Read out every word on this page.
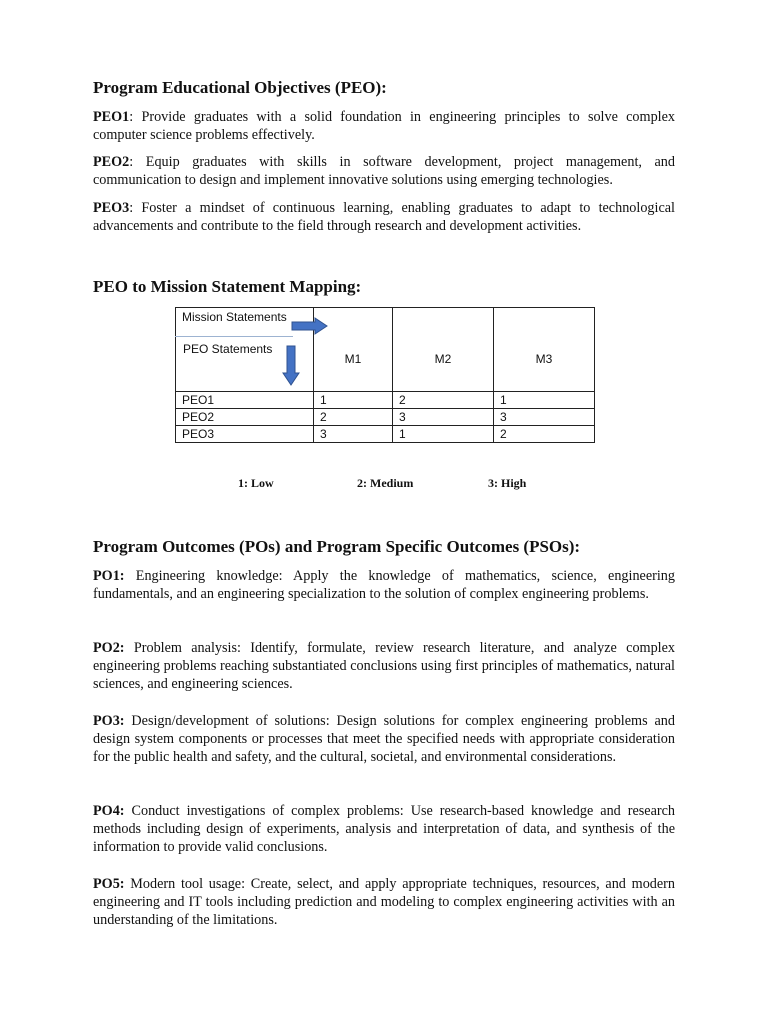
Program Educational Objectives (PEO):

PEO1: Provide graduates with a solid foundation in engineering principles to solve complex computer science problems effectively.

PEO2: Equip graduates with skills in software development, project management, and communication to design and implement innovative solutions using emerging technologies.

PEO3: Foster a mindset of continuous learning, enabling graduates to adapt to technological advancements and contribute to the field through research and development activities.

PEO to Mission Statement Mapping:
Mission Statements
PEO Statements	M1	M2	M3
PEO1	1	2	1
PEO2	2	3	3
PEO3	3	1	2
1: Low	2: Medium	3: High
Program Outcomes (POs) and Program Specific Outcomes (PSOs):

PO1: Engineering knowledge: Apply the knowledge of mathematics, science, engineering fundamentals, and an engineering specialization to the solution of complex engineering problems.

PO2: Problem analysis: Identify, formulate, review research literature, and analyze complex engineering problems reaching substantiated conclusions using first principles of mathematics, natural sciences, and engineering sciences.

PO3: Design/development of solutions: Design solutions for complex engineering problems and design system components or processes that meet the specified needs with appropriate consideration for the public health and safety, and the cultural, societal, and environmental considerations.

PO4: Conduct investigations of complex problems: Use research-based knowledge and research methods including design of experiments, analysis and interpretation of data, and synthesis of the information to provide valid conclusions.

PO5: Modern tool usage: Create, select, and apply appropriate techniques, resources, and modern engineering and IT tools including prediction and modeling to complex engineering activities with an understanding of the limitations.
